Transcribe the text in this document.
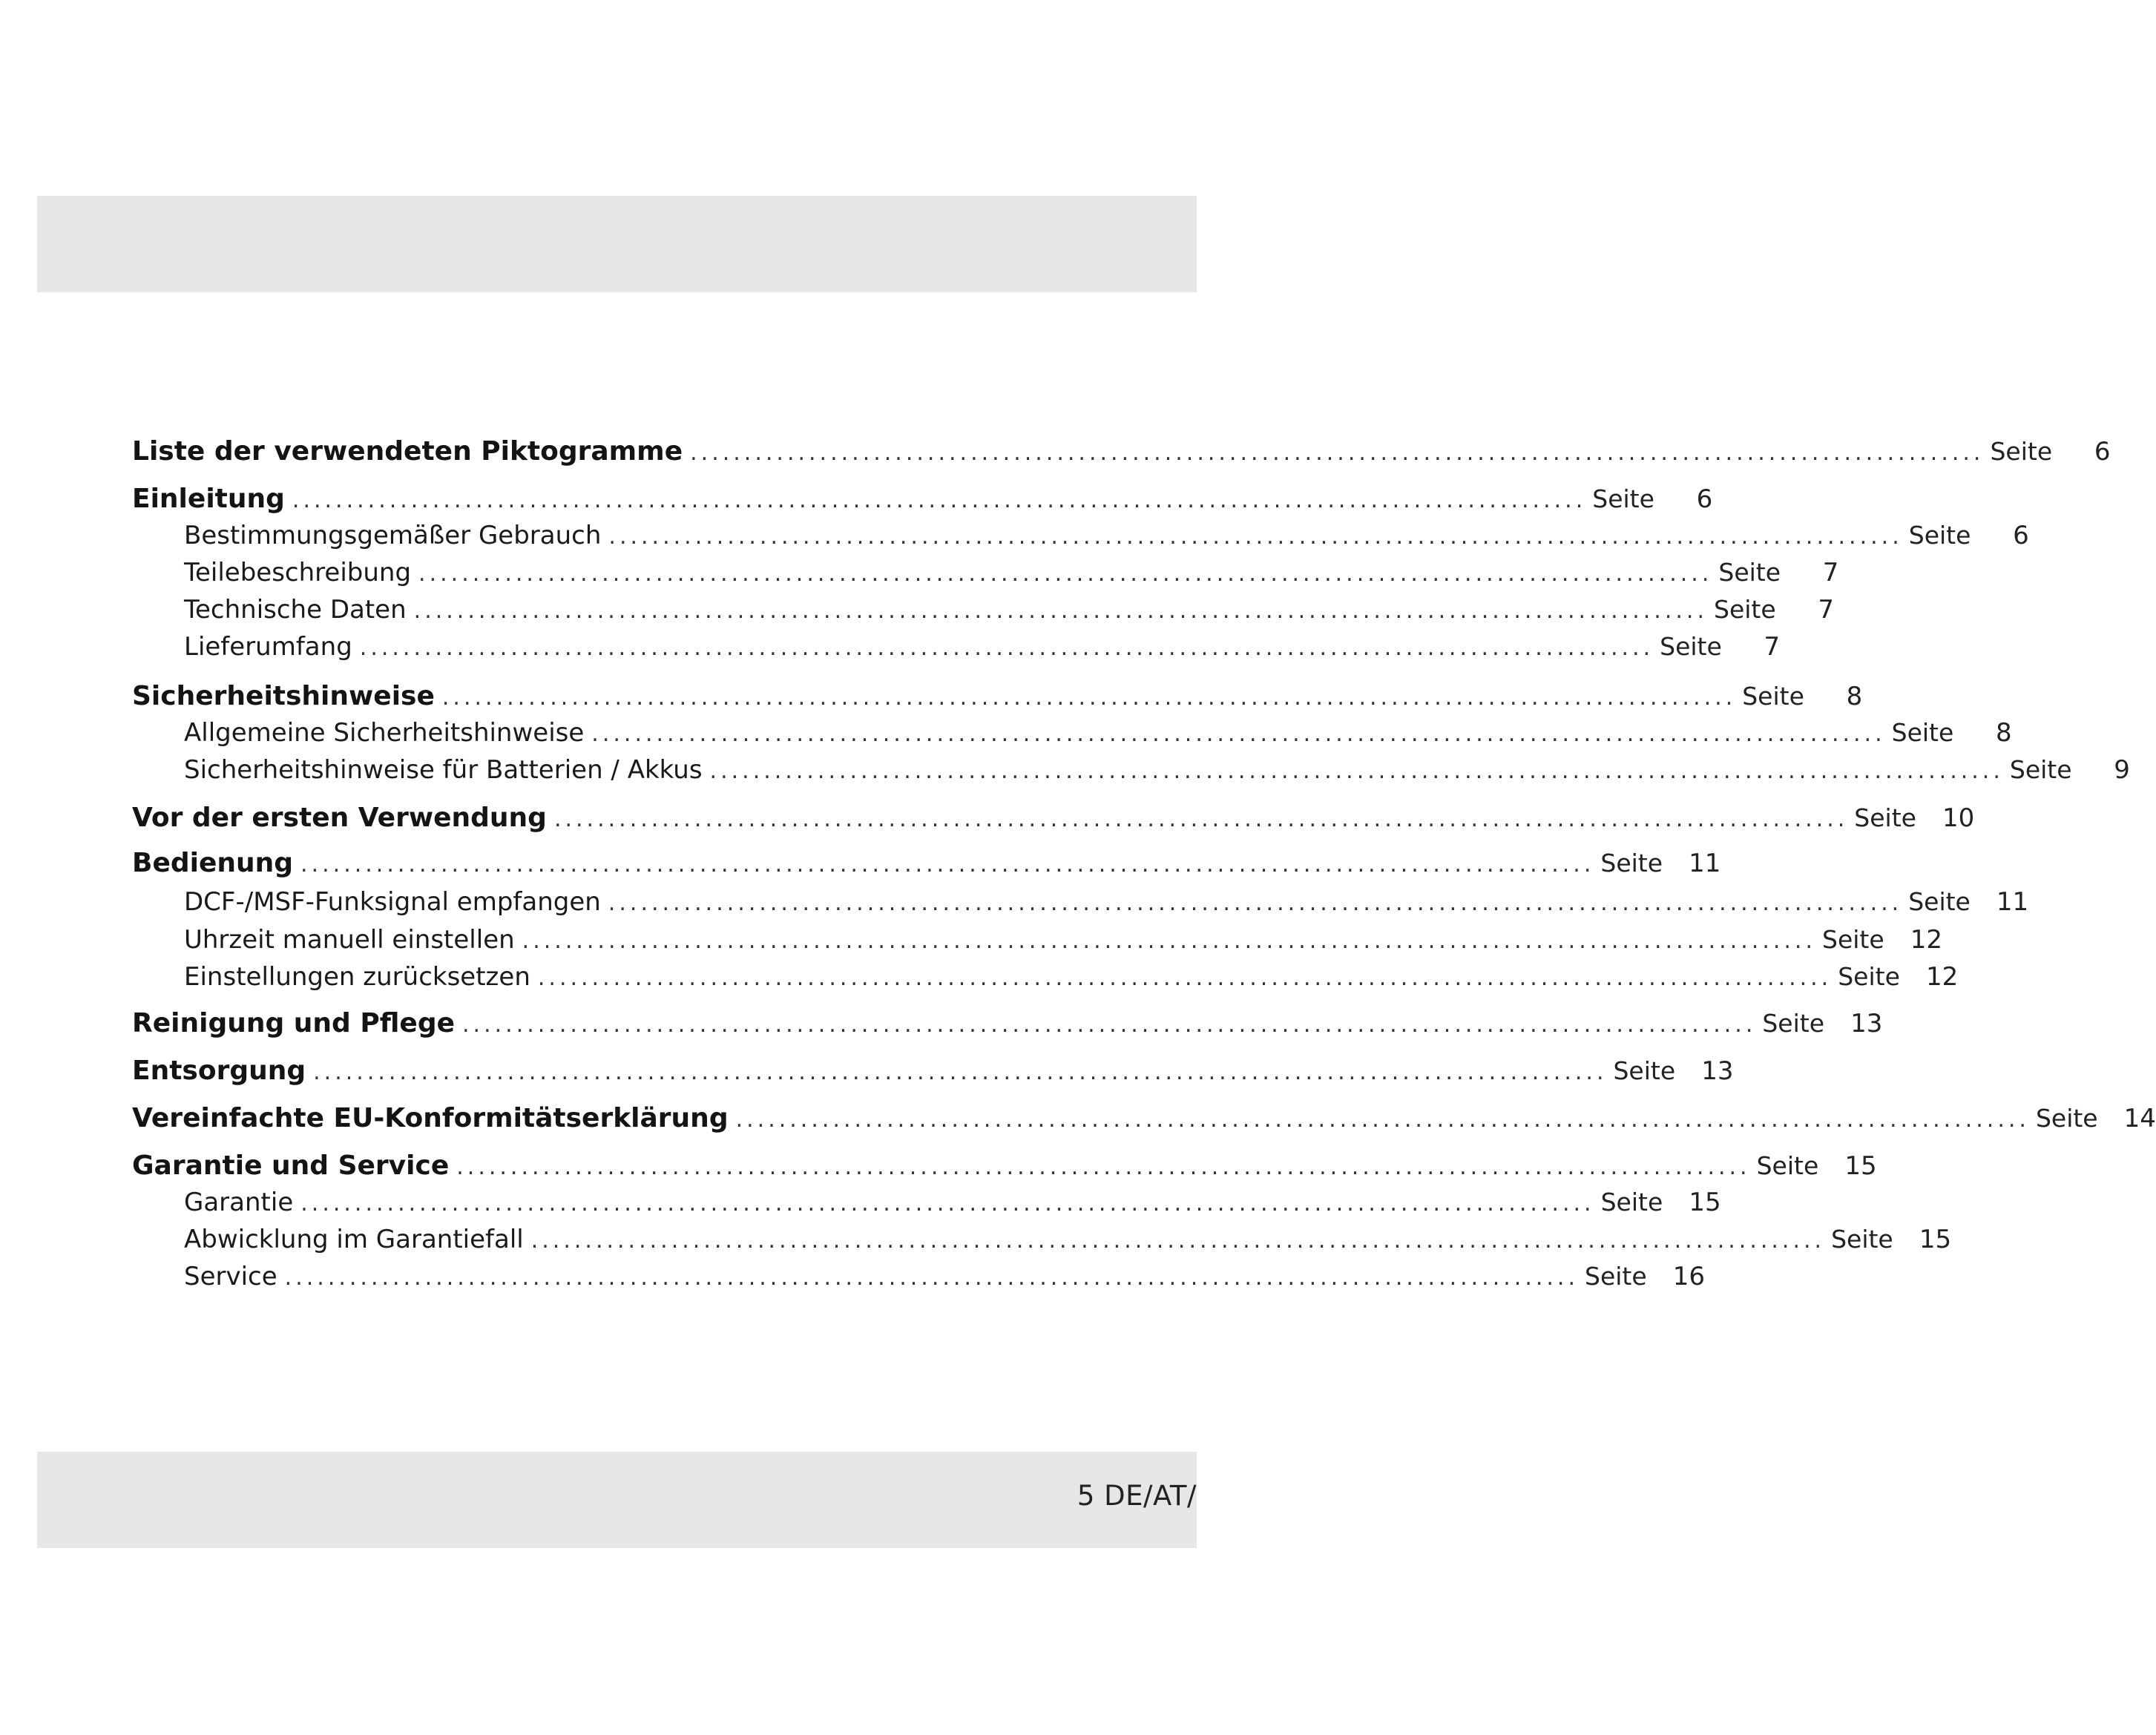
Liste der verwendeten Piktogramme ........................................................................................................................ Seite	6
Einleitung ........................................................................................................................ Seite	6
Bestimmungsgemäßer Gebrauch ........................................................................................................................ Seite	6
Teilebeschreibung ........................................................................................................................ Seite	7
Technische Daten ........................................................................................................................ Seite	7
Lieferumfang ........................................................................................................................ Seite	7
Sicherheitshinweise ........................................................................................................................ Seite	8
Allgemeine Sicherheitshinweise ........................................................................................................................ Seite	8
Sicherheitshinweise für Batterien / Akkus ........................................................................................................................ Seite	9
Vor der ersten Verwendung ........................................................................................................................ Seite	10
Bedienung ........................................................................................................................ Seite	11
DCF-/MSF-Funksignal empfangen ........................................................................................................................ Seite	11
Uhrzeit manuell einstellen ........................................................................................................................ Seite	12
Einstellungen zurücksetzen ........................................................................................................................ Seite	12
Reinigung und Pflege ........................................................................................................................ Seite	13
Entsorgung ........................................................................................................................ Seite	13
Vereinfachte EU-Konformitätserklärung ........................................................................................................................ Seite	14
Garantie und Service ........................................................................................................................ Seite	15
Garantie ........................................................................................................................ Seite	15
Abwicklung im Garantiefall ........................................................................................................................ Seite	15
Service ........................................................................................................................ Seite	16
5 DE/AT/
